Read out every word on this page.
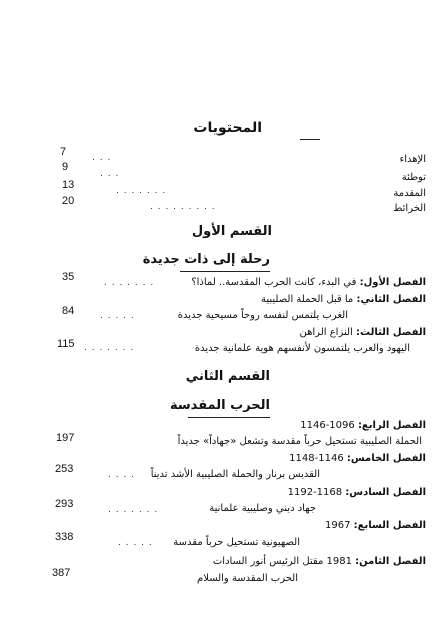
المحتويات
الإهداء
. . .
7
توطئة
. . .
9
المقدمة
. . . . . . .
13
الخرائط
. . . . . . . . .
20
القسم الأول
رحلة إلى ذات جديدة
الفصل الأول: في البدء، كانت الحرب المقدسة.. لماذا؟
. . . . . . .
35
الفصل الثاني: ما قبل الحملة الصليبية
الغرب يلتمس لنفسه روحاً مسيحية جديدة
. . . . .
84
الفصل الثالث: النزاع الراهن
اليهود والعرب يلتمسون لأنفسهم هوية علمانية جديدة
. . . . . . .
115
القسم الثاني
الحرب المقدسة
الفصل الرابع: 1096-1146
الحملة الصليبية تستحيل حرباً مقدسة وتشعل «جهاداً» جديداً
197
الفصل الخامس: 1146-1148
القديس برنار والحملة الصليبية الأشد تديناً
. . . .
253
الفصل السادس: 1168-1192
جهاد ديني وصليبية علمانية
. . . . . . .
293
الفصل السابع: 1967
الصهيونية تستحيل حرباً مقدسة
. . . . .
338
الفصل الثامن: 1981 مقتل الرئيس أنور السادات
الحرب المقدسة والسلام
387
